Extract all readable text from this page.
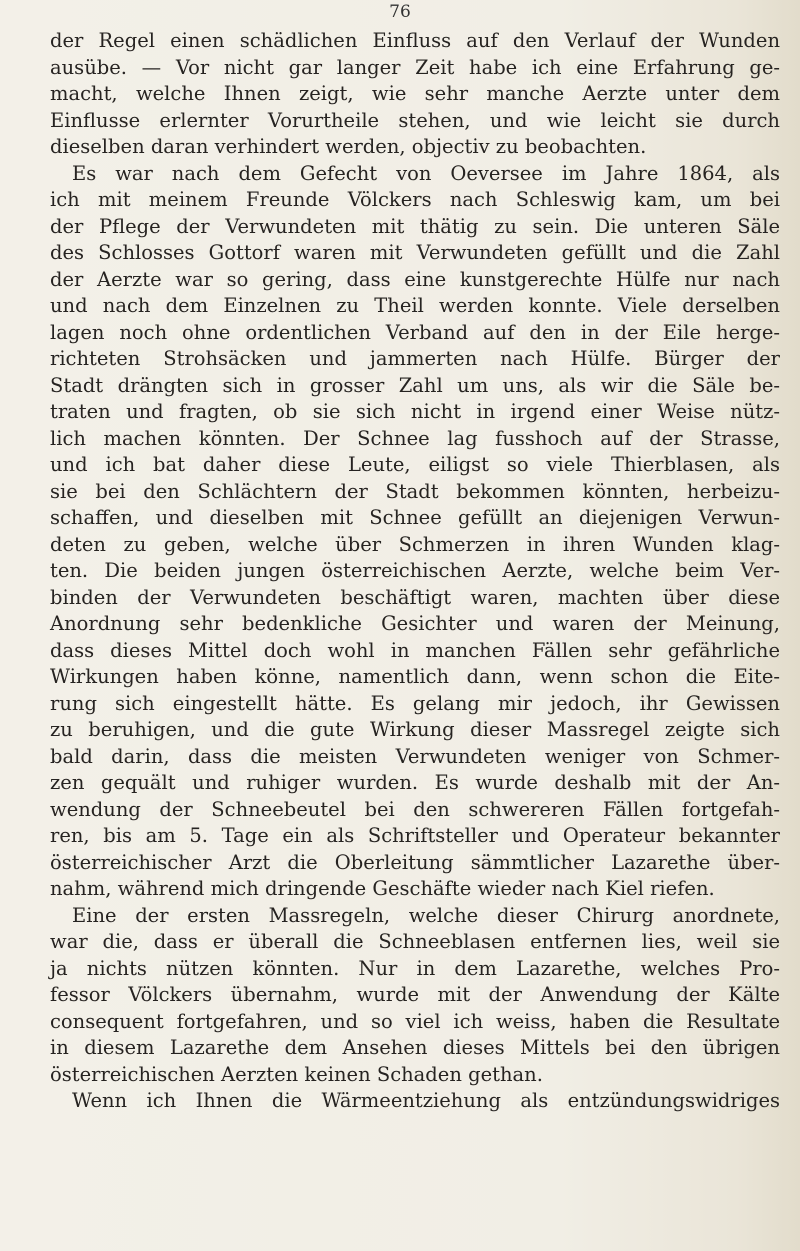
76
der Regel einen schädlichen Einfluss auf den Verlauf der Wunden
ausübe. — Vor nicht gar langer Zeit habe ich eine Erfahrung ge-
macht, welche Ihnen zeigt, wie sehr manche Aerzte unter dem
Einflusse erlernter Vorurtheile stehen, und wie leicht sie durch
dieselben daran verhindert werden, objectiv zu beobachten.
Es war nach dem Gefecht von Oeversee im Jahre 1864, als
ich mit meinem Freunde Völckers nach Schleswig kam, um bei
der Pflege der Verwundeten mit thätig zu sein. Die unteren Säle
des Schlosses Gottorf waren mit Verwundeten gefüllt und die Zahl
der Aerzte war so gering, dass eine kunstgerechte Hülfe nur nach
und nach dem Einzelnen zu Theil werden konnte. Viele derselben
lagen noch ohne ordentlichen Verband auf den in der Eile herge-
richteten Strohsäcken und jammerten nach Hülfe. Bürger der
Stadt drängten sich in grosser Zahl um uns, als wir die Säle be-
traten und fragten, ob sie sich nicht in irgend einer Weise nütz-
lich machen könnten. Der Schnee lag fusshoch auf der Strasse,
und ich bat daher diese Leute, eiligst so viele Thierblasen, als
sie bei den Schlächtern der Stadt bekommen könnten, herbeizu-
schaffen, und dieselben mit Schnee gefüllt an diejenigen Verwun-
deten zu geben, welche über Schmerzen in ihren Wunden klag-
ten. Die beiden jungen österreichischen Aerzte, welche beim Ver-
binden der Verwundeten beschäftigt waren, machten über diese
Anordnung sehr bedenkliche Gesichter und waren der Meinung,
dass dieses Mittel doch wohl in manchen Fällen sehr gefährliche
Wirkungen haben könne, namentlich dann, wenn schon die Eite-
rung sich eingestellt hätte. Es gelang mir jedoch, ihr Gewissen
zu beruhigen, und die gute Wirkung dieser Massregel zeigte sich
bald darin, dass die meisten Verwundeten weniger von Schmer-
zen gequält und ruhiger wurden. Es wurde deshalb mit der An-
wendung der Schneebeutel bei den schwereren Fällen fortgefah-
ren, bis am 5. Tage ein als Schriftsteller und Operateur bekannter
österreichischer Arzt die Oberleitung sämmtlicher Lazarethe über-
nahm, während mich dringende Geschäfte wieder nach Kiel riefen.
Eine der ersten Massregeln, welche dieser Chirurg anordnete,
war die, dass er überall die Schneeblasen entfernen lies, weil sie
ja nichts nützen könnten. Nur in dem Lazarethe, welches Pro-
fessor Völckers übernahm, wurde mit der Anwendung der Kälte
consequent fortgefahren, und so viel ich weiss, haben die Resultate
in diesem Lazarethe dem Ansehen dieses Mittels bei den übrigen
österreichischen Aerzten keinen Schaden gethan.
Wenn ich Ihnen die Wärmeentziehung als entzündungswidriges
